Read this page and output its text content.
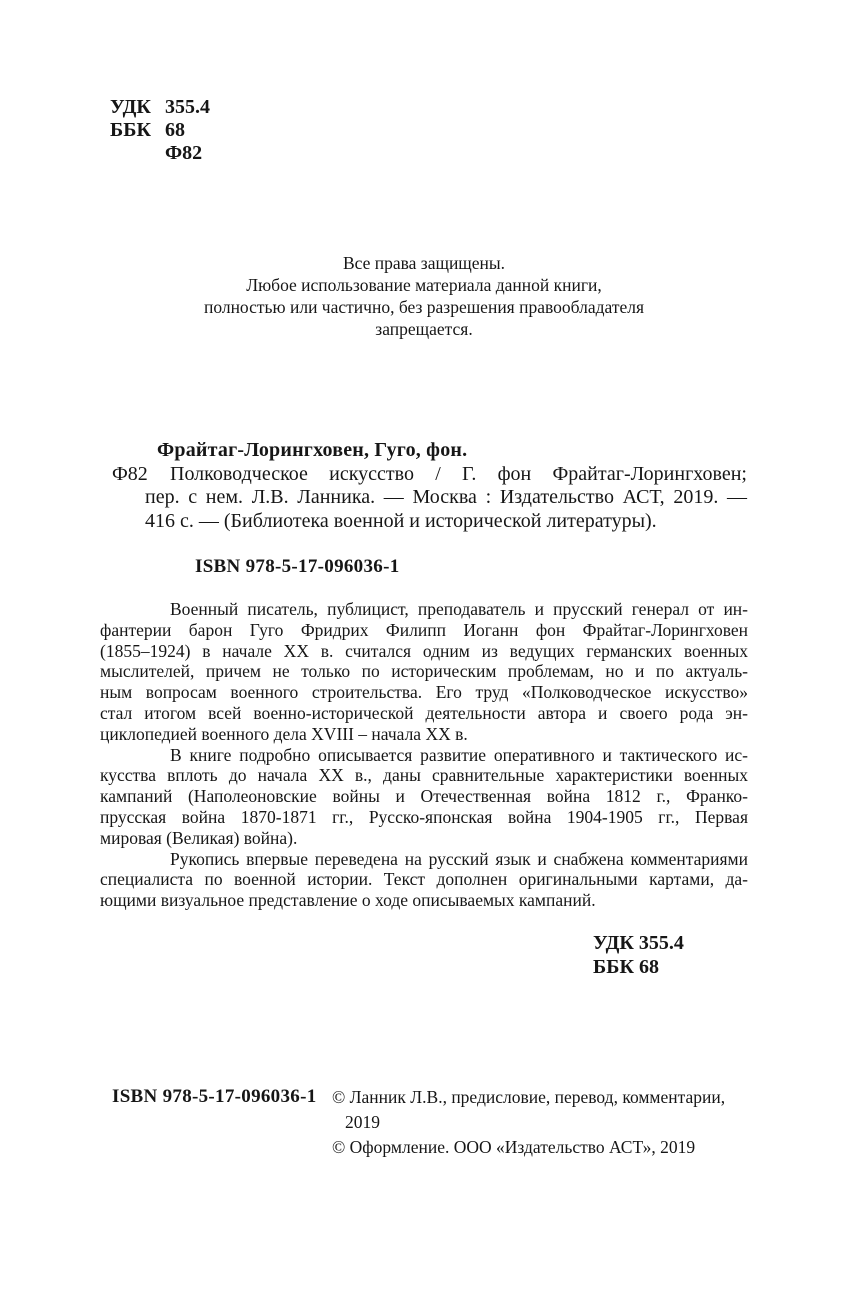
УДК 355.4
ББК 68
Ф82
Все права защищены.
Любое использование материала данной книги,
полностью или частично, без разрешения правообладателя
запрещается.
Фрайтаг-Лорингховен, Гуго, фон.
Ф82	Полководческое искусство / Г. фон Фрайтаг-Лорингховен;
пер. с нем. Л.В. Ланника. — Москва : Издательство АСТ, 2019. —
416 с. — (Библиотека военной и исторической литературы).
ISBN 978-5-17-096036-1
Военный писатель, публицист, преподаватель и прусский генерал от ин-
фантерии барон Гуго Фридрих Филипп Иоганн фон Фрайтаг-Лорингховен
(1855–1924) в начале XX в. считался одним из ведущих германских военных
мыслителей, причем не только по историческим проблемам, но и по актуаль-
ным вопросам военного строительства. Его труд «Полководческое искусство»
стал итогом всей военно-исторической деятельности автора и своего рода эн-
циклопедией военного дела XVIII – начала XX в.
В книге подробно описывается развитие оперативного и тактического ис-
кусства вплоть до начала XX в., даны сравнительные характеристики военных
кампаний (Наполеоновские войны и Отечественная война 1812 г., Франко-
прусская война 1870-1871 гг., Русско-японская война 1904-1905 гг., Первая
мировая (Великая) война).
Рукопись впервые переведена на русский язык и снабжена комментариями
специалиста по военной истории. Текст дополнен оригинальными картами, да-
ющими визуальное представление о ходе описываемых кампаний.
УДК 355.4
ББК 68
ISBN 978-5-17-096036-1 © Ланник Л.В., предисловие, перевод, комментарии,
2019
© Оформление. ООО «Издательство АСТ», 2019
